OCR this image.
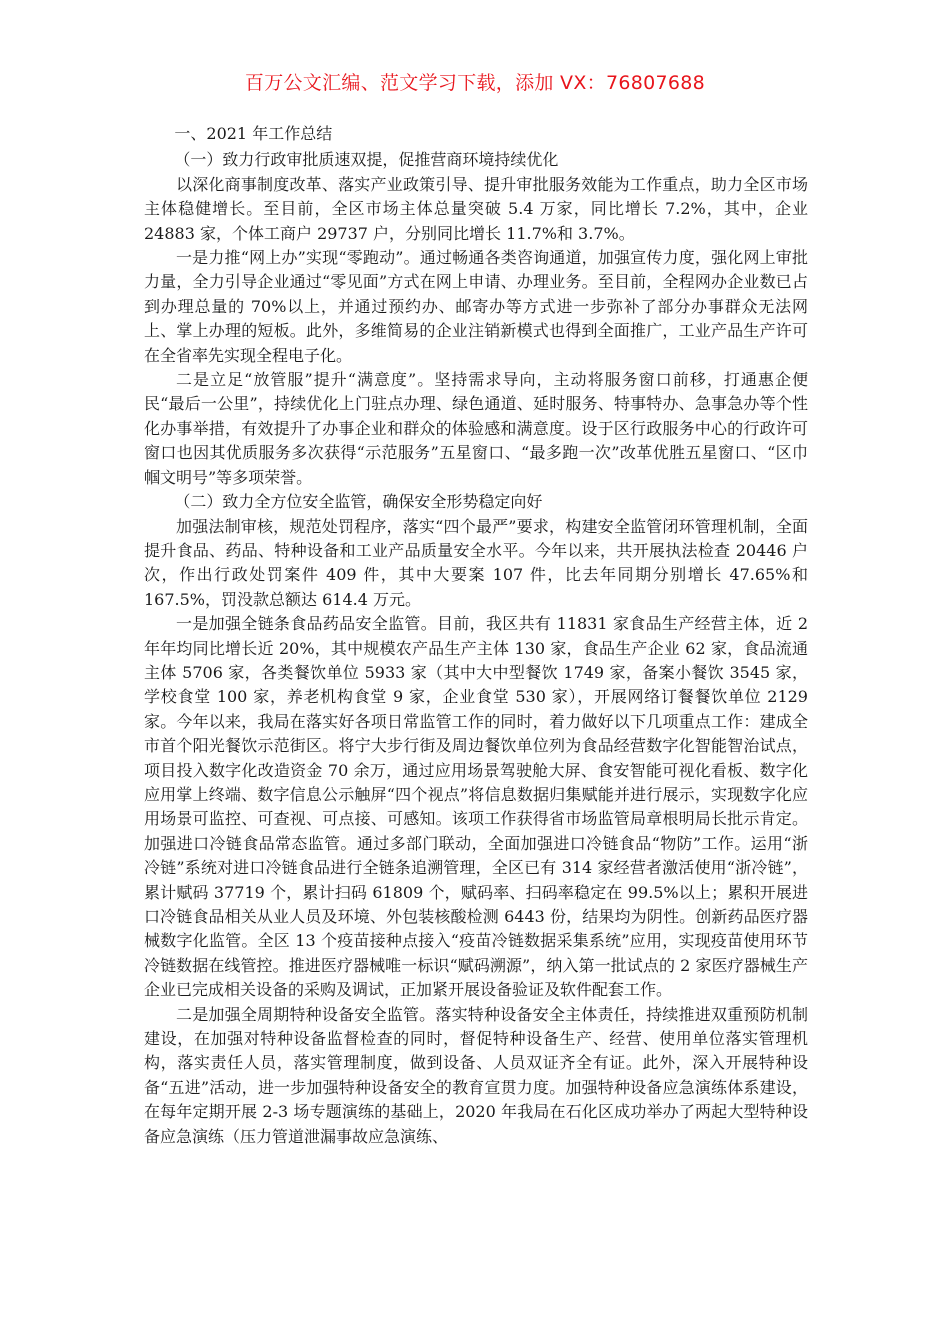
百万公文汇编、范文学习下载，添加 VX：76807688

一、2021 年工作总结

（一）致力行政审批质速双提，促推营商环境持续优化

以深化商事制度改革、落实产业政策引导、提升审批服务效能为工作重点，助力全区市场主体稳健增长。至目前，全区市场主体总量突破 5.4 万家，同比增长 7.2%，其中，企业 24883 家，个体工商户 29737 户，分别同比增长 11.7%和 3.7%。

一是力推“网上办”实现“零跑动”。通过畅通各类咨询通道，加强宣传力度，强化网上审批力量，全力引导企业通过“零见面”方式在网上申请、办理业务。至目前，全程网办企业数已占到办理总量的 70%以上，并通过预约办、邮寄办等方式进一步弥补了部分办事群众无法网上、掌上办理的短板。此外，多维简易的企业注销新模式也得到全面推广，工业产品生产许可在全省率先实现全程电子化。

二是立足“放管服”提升“满意度”。坚持需求导向，主动将服务窗口前移，打通惠企便民“最后一公里”，持续优化上门驻点办理、绿色通道、延时服务、特事特办、急事急办等个性化办事举措，有效提升了办事企业和群众的体验感和满意度。设于区行政服务中心的行政许可窗口也因其优质服务多次获得“示范服务”五星窗口、“最多跑一次”改革优胜五星窗口、“区巾帼文明号”等多项荣誉。

（二）致力全方位安全监管，确保安全形势稳定向好

加强法制审核，规范处罚程序，落实“四个最严”要求，构建安全监管闭环管理机制，全面提升食品、药品、特种设备和工业产品质量安全水平。今年以来，共开展执法检查 20446 户次，作出行政处罚案件 409 件，其中大要案 107 件，比去年同期分别增长 47.65%和 167.5%，罚没款总额达 614.4 万元。

一是加强全链条食品药品安全监管。目前，我区共有 11831 家食品生产经营主体，近 2 年年均同比增长近 20%，其中规模农产品生产主体 130 家，食品生产企业 62 家，食品流通主体 5706 家，各类餐饮单位 5933 家（其中大中型餐饮 1749 家，备案小餐饮 3545 家，学校食堂 100 家，养老机构食堂 9 家，企业食堂 530 家），开展网络订餐餐饮单位 2129 家。今年以来，我局在落实好各项日常监管工作的同时，着力做好以下几项重点工作：建成全市首个阳光餐饮示范街区。将宁大步行街及周边餐饮单位列为食品经营数字化智能智治试点，项目投入数字化改造资金 70 余万，通过应用场景驾驶舱大屏、食安智能可视化看板、数字化应用掌上终端、数字信息公示触屏“四个视点”将信息数据归集赋能并进行展示，实现数字化应用场景可监控、可查视、可点接、可感知。该项工作获得省市场监管局章根明局长批示肯定。加强进口冷链食品常态监管。通过多部门联动，全面加强进口冷链食品“物防”工作。运用“浙冷链”系统对进口冷链食品进行全链条追溯管理，全区已有 314 家经营者激活使用“浙冷链”，累计赋码 37719 个，累计扫码 61809 个，赋码率、扫码率稳定在 99.5%以上；累积开展进口冷链食品相关从业人员及环境、外包装核酸检测 6443 份，结果均为阴性。创新药品医疗器械数字化监管。全区 13 个疫苗接种点接入“疫苗冷链数据采集系统”应用，实现疫苗使用环节冷链数据在线管控。推进医疗器械唯一标识“赋码溯源”，纳入第一批试点的 2 家医疗器械生产企业已完成相关设备的采购及调试，正加紧开展设备验证及软件配套工作。

二是加强全周期特种设备安全监管。落实特种设备安全主体责任，持续推进双重预防机制建设，在加强对特种设备监督检查的同时，督促特种设备生产、经营、使用单位落实管理机构，落实责任人员，落实管理制度，做到设备、人员双证齐全有证。此外，深入开展特种设备“五进”活动，进一步加强特种设备安全的教育宣贯力度。加强特种设备应急演练体系建设，在每年定期开展 2-3 场专题演练的基础上，2020 年我局在石化区成功举办了两起大型特种设备应急演练（压力管道泄漏事故应急演练、
